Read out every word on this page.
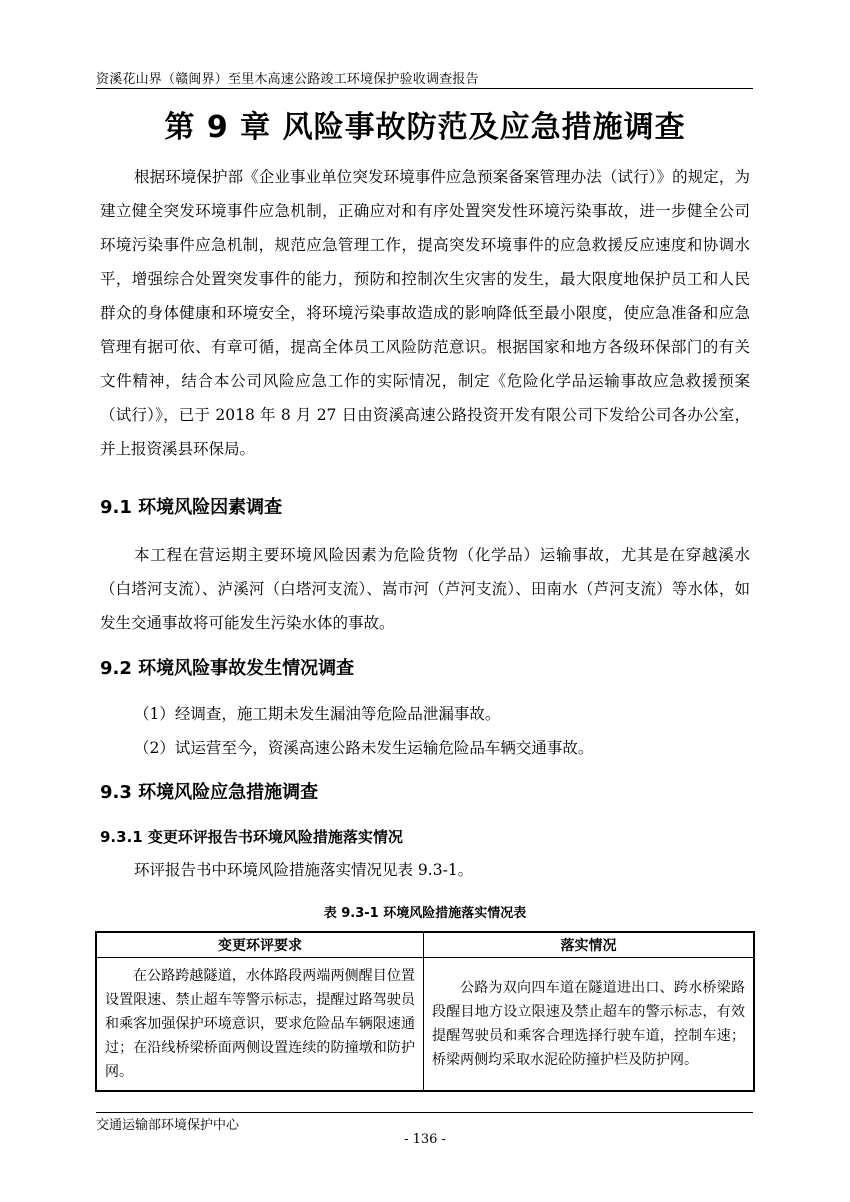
资溪花山界（赣闽界）至里木高速公路竣工环境保护验收调查报告
第 9 章 风险事故防范及应急措施调查

根据环境保护部《企业事业单位突发环境事件应急预案备案管理办法（试行）》的规定，为建立健全突发环境事件应急机制，正确应对和有序处置突发性环境污染事故，进一步健全公司环境污染事件应急机制，规范应急管理工作，提高突发环境事件的应急救援反应速度和协调水平，增强综合处置突发事件的能力，预防和控制次生灾害的发生，最大限度地保护员工和人民群众的身体健康和环境安全，将环境污染事故造成的影响降低至最小限度，使应急准备和应急管理有据可依、有章可循，提高全体员工风险防范意识。根据国家和地方各级环保部门的有关文件精神，结合本公司风险应急工作的实际情况，制定《危险化学品运输事故应急救援预案（试行）》，已于 2018 年 8 月 27 日由资溪高速公路投资开发有限公司下发给公司各办公室，并上报资溪县环保局。

9.1 环境风险因素调查

本工程在营运期主要环境风险因素为危险货物（化学品）运输事故，尤其是在穿越溪水（白塔河支流）、泸溪河（白塔河支流）、嵩市河（芦河支流）、田南水（芦河支流）等水体，如发生交通事故将可能发生污染水体的事故。

9.2 环境风险事故发生情况调查

（1）经调查，施工期未发生漏油等危险品泄漏事故。

（2）试运营至今，资溪高速公路未发生运输危险品车辆交通事故。

9.3 环境风险应急措施调查
9.3.1 变更环评报告书环境风险措施落实情况

环评报告书中环境风险措施落实情况见表 9.3-1。

表 9.3-1 环境风险措施落实情况表
变更环评要求	落实情况

在公路跨越隧道，水体路段两端两侧醒目位置设置限速、禁止超车等警示标志，提醒过路驾驶员和乘客加强保护环境意识，要求危险品车辆限速通过；在沿线桥梁桥面两侧设置连续的防撞墩和防护网。	公路为双向四车道在隧道进出口、跨水桥梁路段醒目地方设立限速及禁止超车的警示标志，有效提醒驾驶员和乘客合理选择行驶车道，控制车速；桥梁两侧均采取水泥砼防撞护栏及防护网。
交通运输部环境保护中心
- 136 -
